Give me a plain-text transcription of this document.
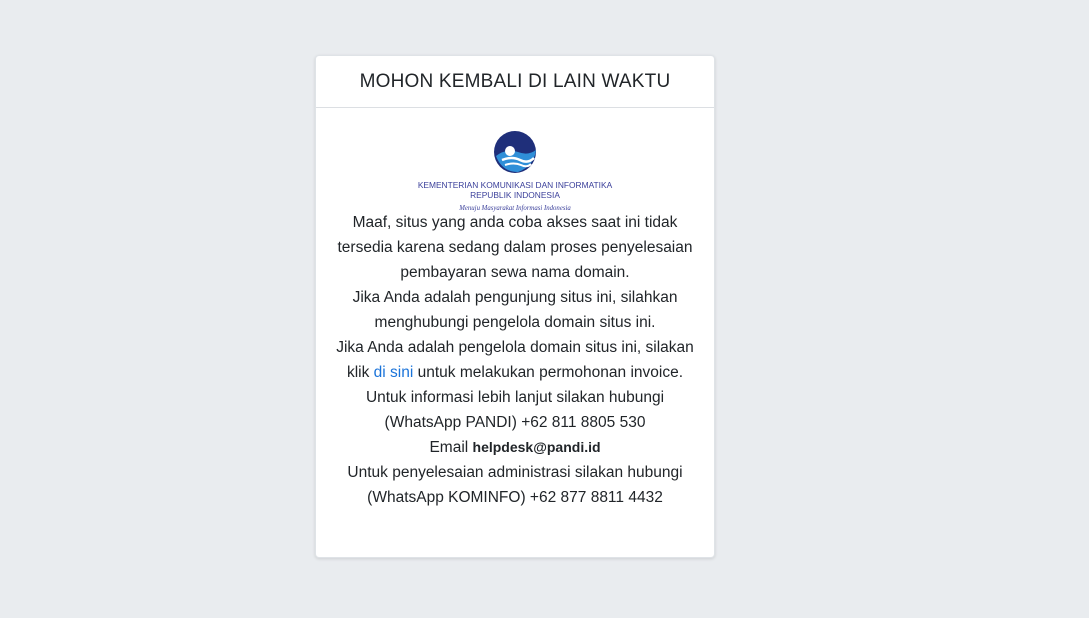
MOHON KEMBALI DI LAIN WAKTU
KEMENTERIAN KOMUNIKASI DAN INFORMATIKA
REPUBLIK INDONESIA
Menuju Masyarakat Informasi Indonesia
Maaf, situs yang anda coba akses saat ini tidak tersedia karena sedang dalam proses penyelesaian pembayaran sewa nama domain.
Jika Anda adalah pengunjung situs ini, silahkan menghubungi pengelola domain situs ini.
Jika Anda adalah pengelola domain situs ini, silakan klik di sini untuk melakukan permohonan invoice.
Untuk informasi lebih lanjut silakan hubungi (WhatsApp PANDI) +62 811 8805 530
Email helpdesk@pandi.id
Untuk penyelesaian administrasi silakan hubungi (WhatsApp KOMINFO) +62 877 8811 4432
